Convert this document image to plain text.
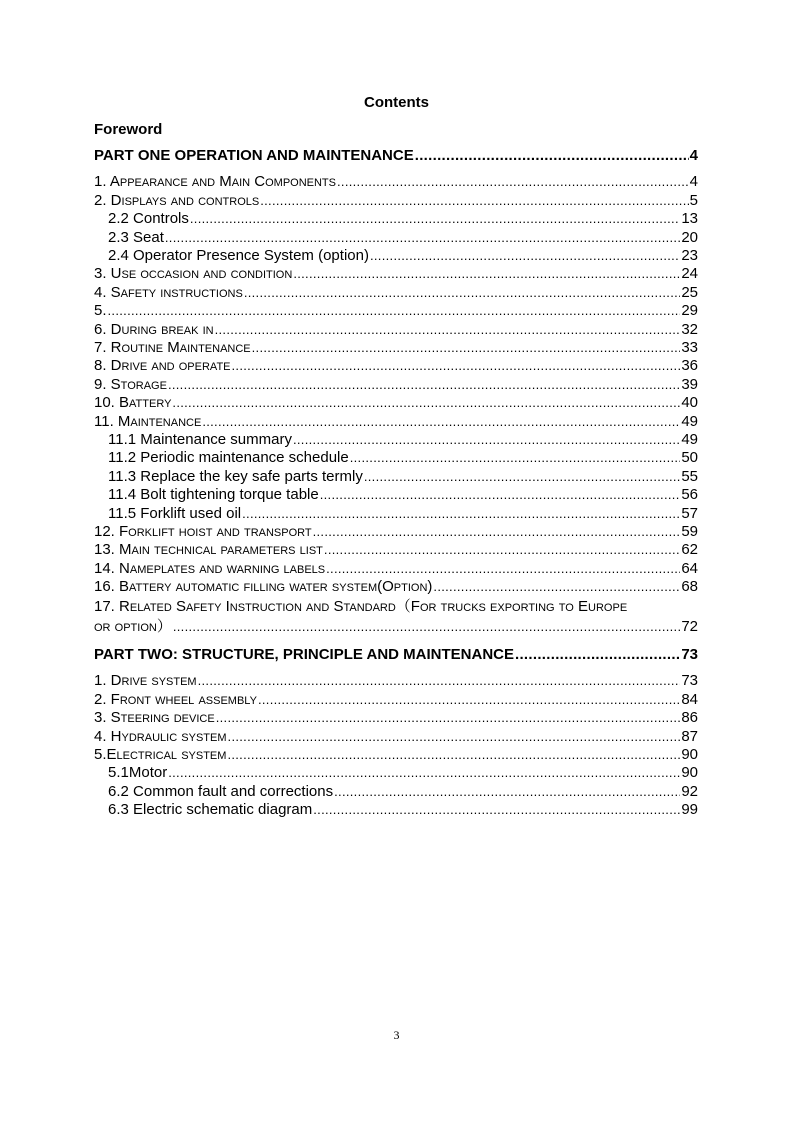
Contents
Foreword
PART ONE OPERATION AND MAINTENANCE .....	4
1. Appearance and Main Components .....	4
2. Displays and controls .....	5
2.2 Controls .....	13
2.3 Seat .....	20
2.4 Operator Presence System (option) .....	23
3. Use occasion and condition .....	24
4. Safety instructions .....	25
5. .....	29
6. During break in .....	32
7. Routine Maintenance .....	33
8. Drive and operate .....	36
9. Storage .....	39
10. Battery .....	40
11. Maintenance .....	49
11.1 Maintenance summary .....	49
11.2 Periodic maintenance schedule .....	50
11.3 Replace the key safe parts termly .....	55
11.4 Bolt tightening torque table .....	56
11.5 Forklift used oil .....	57
12. Forklift hoist and transport .....	59
13. Main technical parameters list .....	62
14. Nameplates and warning labels .....	64
16. Battery automatic filling water system(Option) .....	68
17. Related Safety Instruction and Standard（For trucks exporting to Europe
or option） .....	72
PART TWO: STRUCTURE, PRINCIPLE AND MAINTENANCE .....	73
1. Drive system .....	73
2. Front wheel assembly .....	84
3. Steering device .....	86
4. Hydraulic system .....	87
5.Electrical system .....	90
5.1Motor .....	90
6.2 Common fault and corrections .....	92
6.3 Electric schematic diagram .....	99
3
